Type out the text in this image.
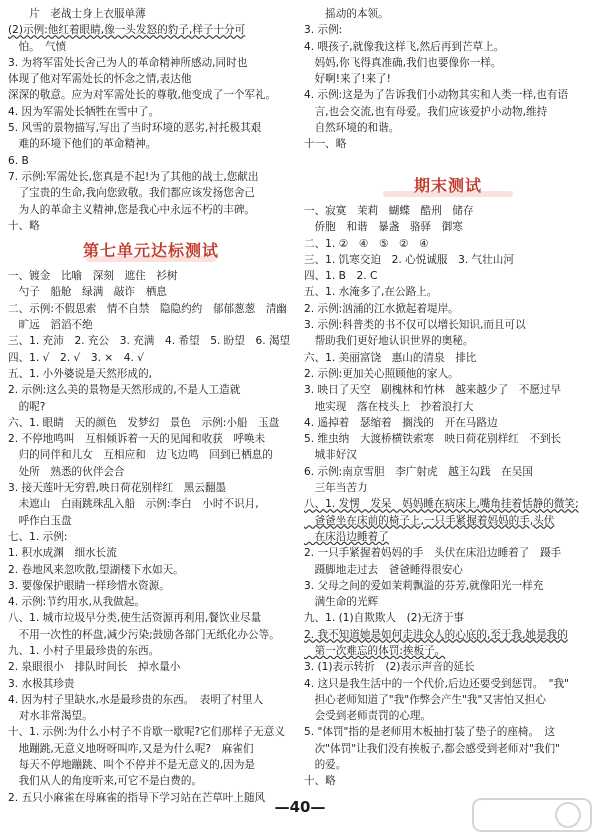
　　片　老战士身上衣服单薄
(2)示例:他红着眼睛,像一头发怒的豹子,样子十分可
　怕。　气愤
3. 为将军雷处长舍己为人的革命精神所感动,同时也
体现了他对军需处长的怀念之情,表达他
深深的敬意。应为对军需处长的尊敬,他变成了一个军礼。
4. 因为军需处长牺牲在雪中了。
5. 风雪的景物描写,写出了当时环境的恶劣,衬托极其艰
　难的环境下他们的革命精神。
6. B
7. 示例:军需处长,您真是不起!为了其他的战士,您献出
　了宝贵的生命,我向您致敬。我们都应该发扬您舍己
　为人的革命主义精神,您是我心中永远不朽的丰碑。
十、略
第七单元达标测试
一、镀金　比喻　深刻　遮住　衫树
　勺子　船舱　绿满　敲诈　栖息
二、示例:不假思索　情不自禁　隐隐约约　郁郁葱葱　清幽
　旷远　滔滔不绝
三、1. 充沛　2. 充公　3. 充满　4. 希望　5. 盼望　6. 渴望
四、1. √　2. √　3. ×　4. √
五、1. 小外婆说是天然形成的,
2. 示例:这么美的景物是天然形成的,不是人工造就
　的呢?
六、1. 眼睛　天的颜色　发梦幻　景色　示例:小船　玉盘
2. 不停地鸣叫　互相倾诉着一天的见闻和收获　呼唤未
　归的同伴和儿女　互相应和　边飞边鸣　回到已栖息的
　处所　熟悉的伙伴会合
3. 接天莲叶无穷碧,映日荷花别样红　黑云翻墨
　未遮山　白雨跳珠乱入船　示例:李白　小时不识月,
　呼作白玉盘
七、1. 示例:
1. 积水成渊　细水长流
2. 卷地风来忽吹散,望湖楼下水如天。
3. 要像保护眼睛一样珍惜水资源。
4. 示例:节约用水,从我做起。
八、1. 城市垃圾早分类,使生活资源再利用,餐饮业尽量
　不用一次性的杯盘,减少污染;鼓励各部门无纸化办公等。
九、1. 小村子里最珍贵的东西。
2. 泉眼很小　排队时间长　掉水量小
3. 水极其珍贵
4. 因为村子里缺水,水是最珍贵的东西。　表明了村里人
　对水非常渴望。
十、1. 示例:为什么小村子不肯歇一歇呢?它们那样子无意义
　地蹦跳,无意义地呀呀叫咋,又是为什么呢?　麻雀们
　每天不停地蹦跳、叫个不停并不是无意义的,因为是
　我们从人的角度听来,可它不是白费的。
2. 五只小麻雀在母麻雀的指导下学习站在芒草叶上随风
　　摇动的本领。
3. 示例:
4. 喂孩子,就像我这样飞,然后再到芒草上。
　妈妈,你飞得真准确,我们也要像你一样。
　好啊!来了!来了!
4. 示例:这是为了告诉我们小动物其实和人类一样,也有语
　言,也会交流,也有母爱。我们应该爱护小动物,维持
　自然环境的和谐。
十一、略
期末测试
一、寂寞　茉莉　蝴蝶　酷刑　储存
　侨胞　和谐　暴盏　骆驿　御寒
二、1. ②　④　⑤　②　④
三、1. 饥寒交迫　2. 心悦诚服　3. 气壮山河
四、1. B　2. C
五、1. 水淹多了,在公路上。
2. 示例:汹涌的江水掀起着堤岸。
3. 示例:科普类的书不仅可以增长知识,而且可以
　帮助我们更好地认识世界的奥秘。
六、1. 美丽富饶　惠山的清泉　排比
2. 示例:更加关心照顾他的家人。
3. 映日了天空　刷槐林和竹林　越来越少了　不愿过早
　地实现　落在枝头上　抄着浪打大
4. 遥掉着　瑟缩着　搁浅的　开在马路边
5. 维虫纳　大渡桥横铁索寒　映日荷花别样红　不到长
　城非好汉
6. 示例:南京雪胆　李广射虎　越王勾践　在吴国
　三年当苦力
八、1. 发愣　发呆　妈妈睡在病床上,嘴角挂着恬静的微笑;
　爸爸坐在床前的椅子上,一只手紧握着妈妈的手,头伏
　在床沿边睡着了
2. 一只手紧握着妈妈的手　头伏在床沿边睡着了　蹑手
　蹑脚地走过去　爸爸睡得很安心
3. 父母之间的爱如茉莉飘溢的芬芳,就像阳光一样充
　满生命的光辉
九、1. (1)自欺欺人　(2)无济于事
2. 我不知道她是如何走进众人的心底的,至于我,她是我的
　第一次难忘的体罚:挨板子。
3. (1)表示转折　(2)表示声音的延长
4. 这只是我生活中的一个代价,后边还要受到惩罚。　"我"
　担心老师知道了"我"作弊会产生"我"又害怕又担心
　会受到老师责罚的心理。
5. "体罚"指的是老师用木板抽打装了垫子的座椅。　这
　次"体罚"让我们没有挨板子,都会感受到老师对"我们"
　的爱。
十、略
—40—
